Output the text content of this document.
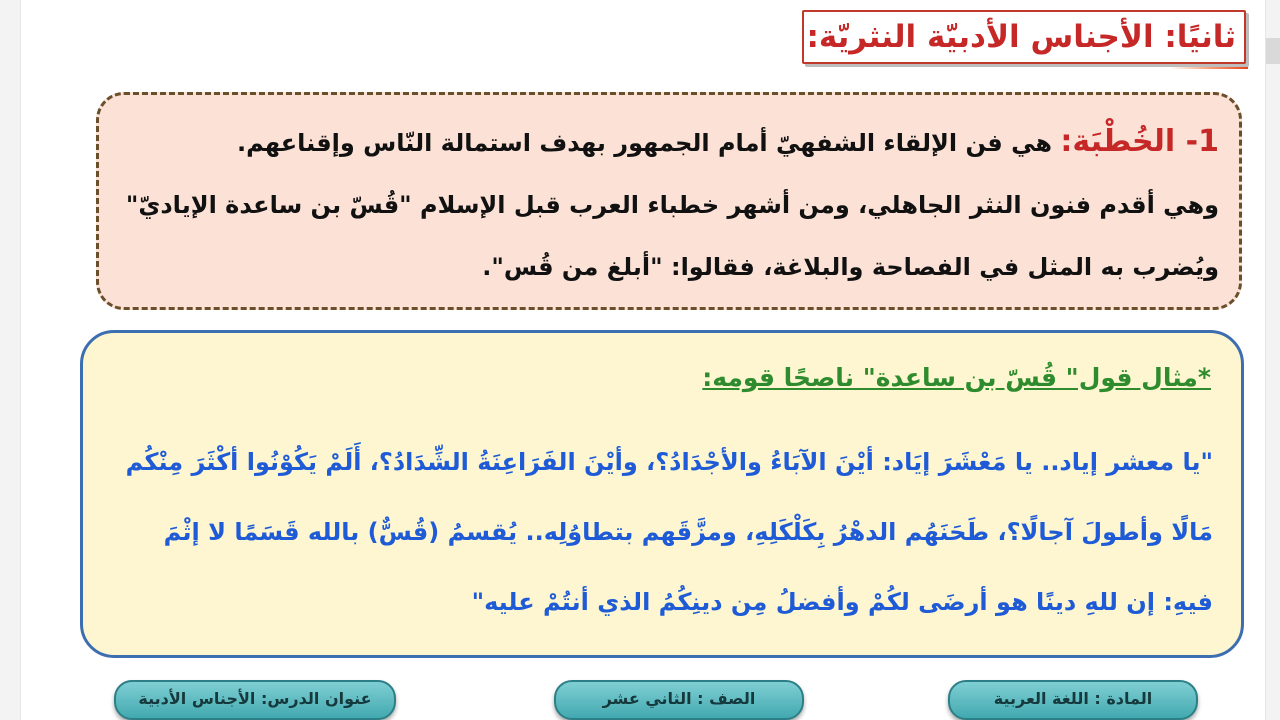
ثانيًا: الأجناس الأدبيّة النثريّة:
1- الخُطْبَة: هي فن الإلقاء الشفهيّ أمام الجمهور بهدف استمالة النّاس وإقناعهم.
وهي أقدم فنون النثر الجاهلي، ومن أشهر خطباء العرب قبل الإسلام "قُسّ بن ساعدة الإياديّ" ويُضرب به المثل في الفصاحة والبلاغة، فقالوا: "أبلغ من قُس".
*مثال قول" قُسّ بن ساعدة" ناصحًا قومه:
"يا معشر إياد.. يا مَعْشَرَ إيَاد: أيْنَ الآبَاءُ والأجْدَادُ؟، وأيْنَ الفَرَاعِنَةُ الشِّدَادُ؟، أَلَمْ يَكُوْنُوا أكْثَرَ مِنْكُم مَالًا وأطولَ آجالًا؟، طَحَنَهُم الدهْرُ بِكَلْكَلِهِ، ومزَّقَهم بتطاوُلِه.. يُقسمُ (قُسٌّ) بالله قَسَمًا لا إثْمَ فيهِ: إن للهِ دينًا هو أرضَى لكُمْ وأفضلُ مِن دينِكُمُ الذي أنتُمْ عليه"
المادة : اللغة العربية
الصف : الثاني عشر
عنوان الدرس: الأجناس الأدبية
